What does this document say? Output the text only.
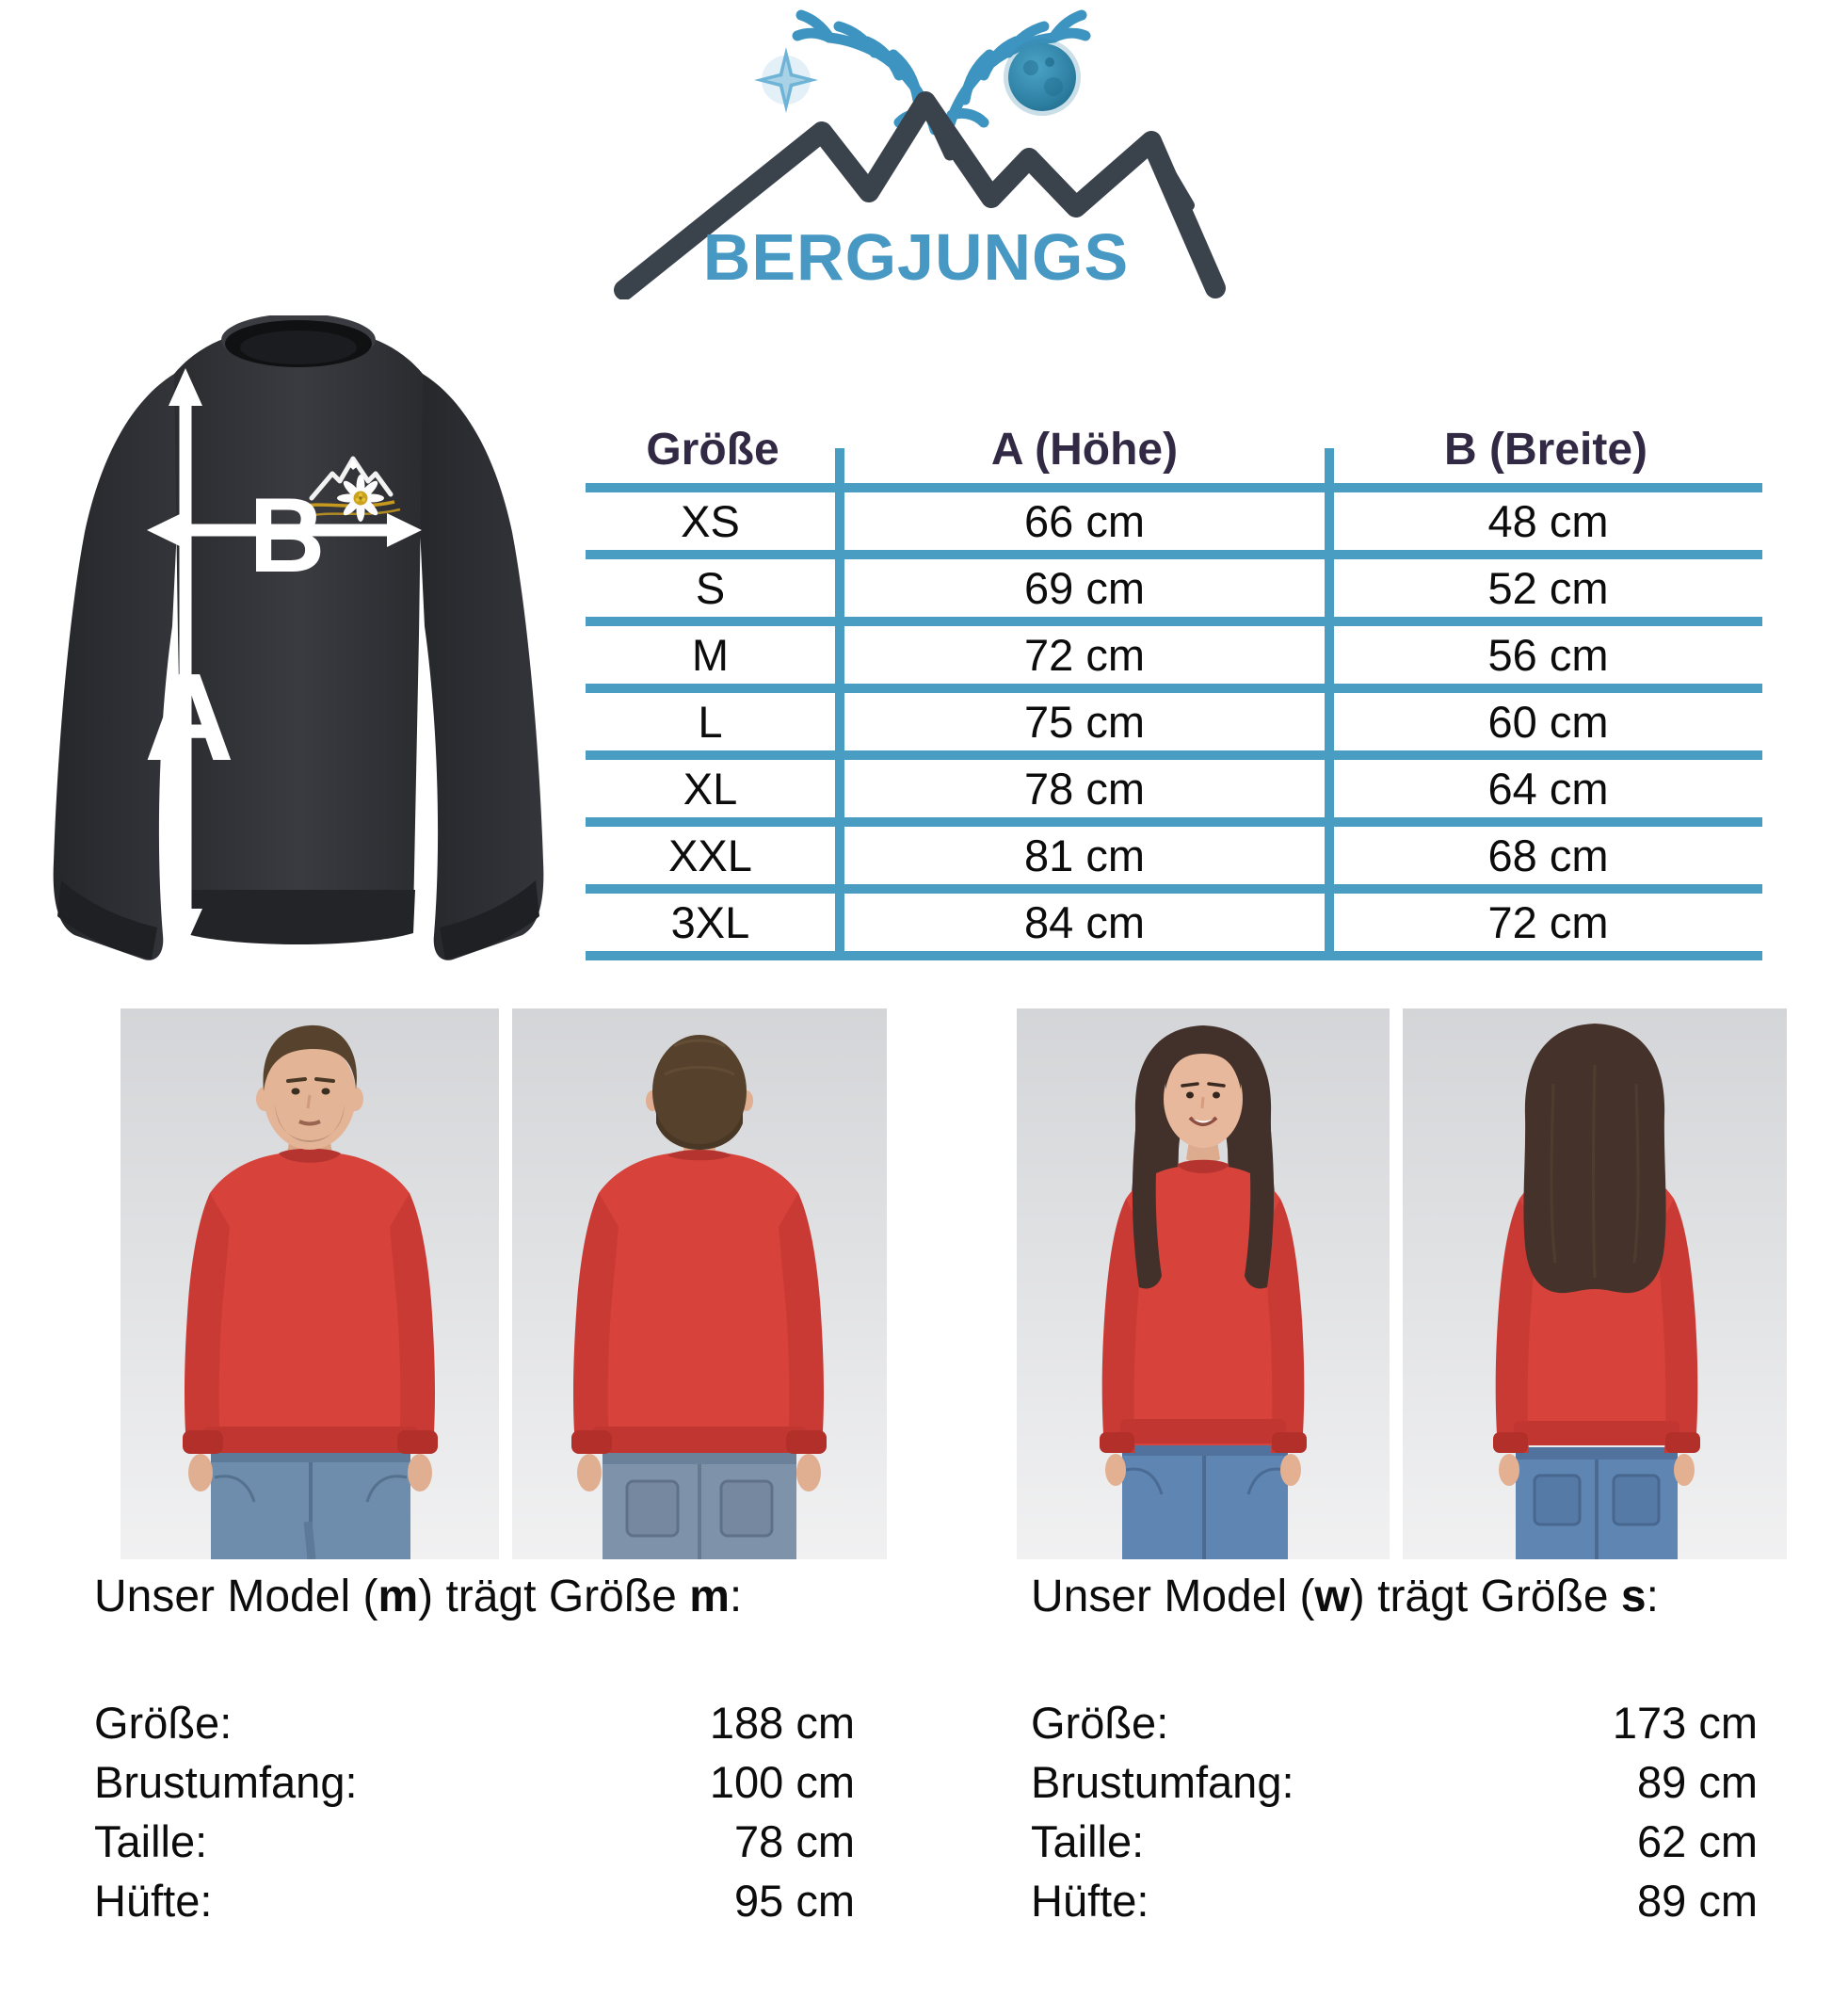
BERGJUNGS
A
B
Größe	A (Höhe)	B (Breite)
XS	66 cm	48 cm
S	69 cm	52 cm
M	72 cm	56 cm
L	75 cm	60 cm
XL	78 cm	64 cm
XXL	81 cm	68 cm
3XL	84 cm	72 cm
Unser Model (m) trägt Größe m:
Größe:	188 cm
Brustumfang:	100 cm
Taille:	78 cm
Hüfte:	95 cm
Unser Model (w) trägt Größe s:
Größe:	173 cm
Brustumfang:	89 cm
Taille:	62 cm
Hüfte:	89 cm
